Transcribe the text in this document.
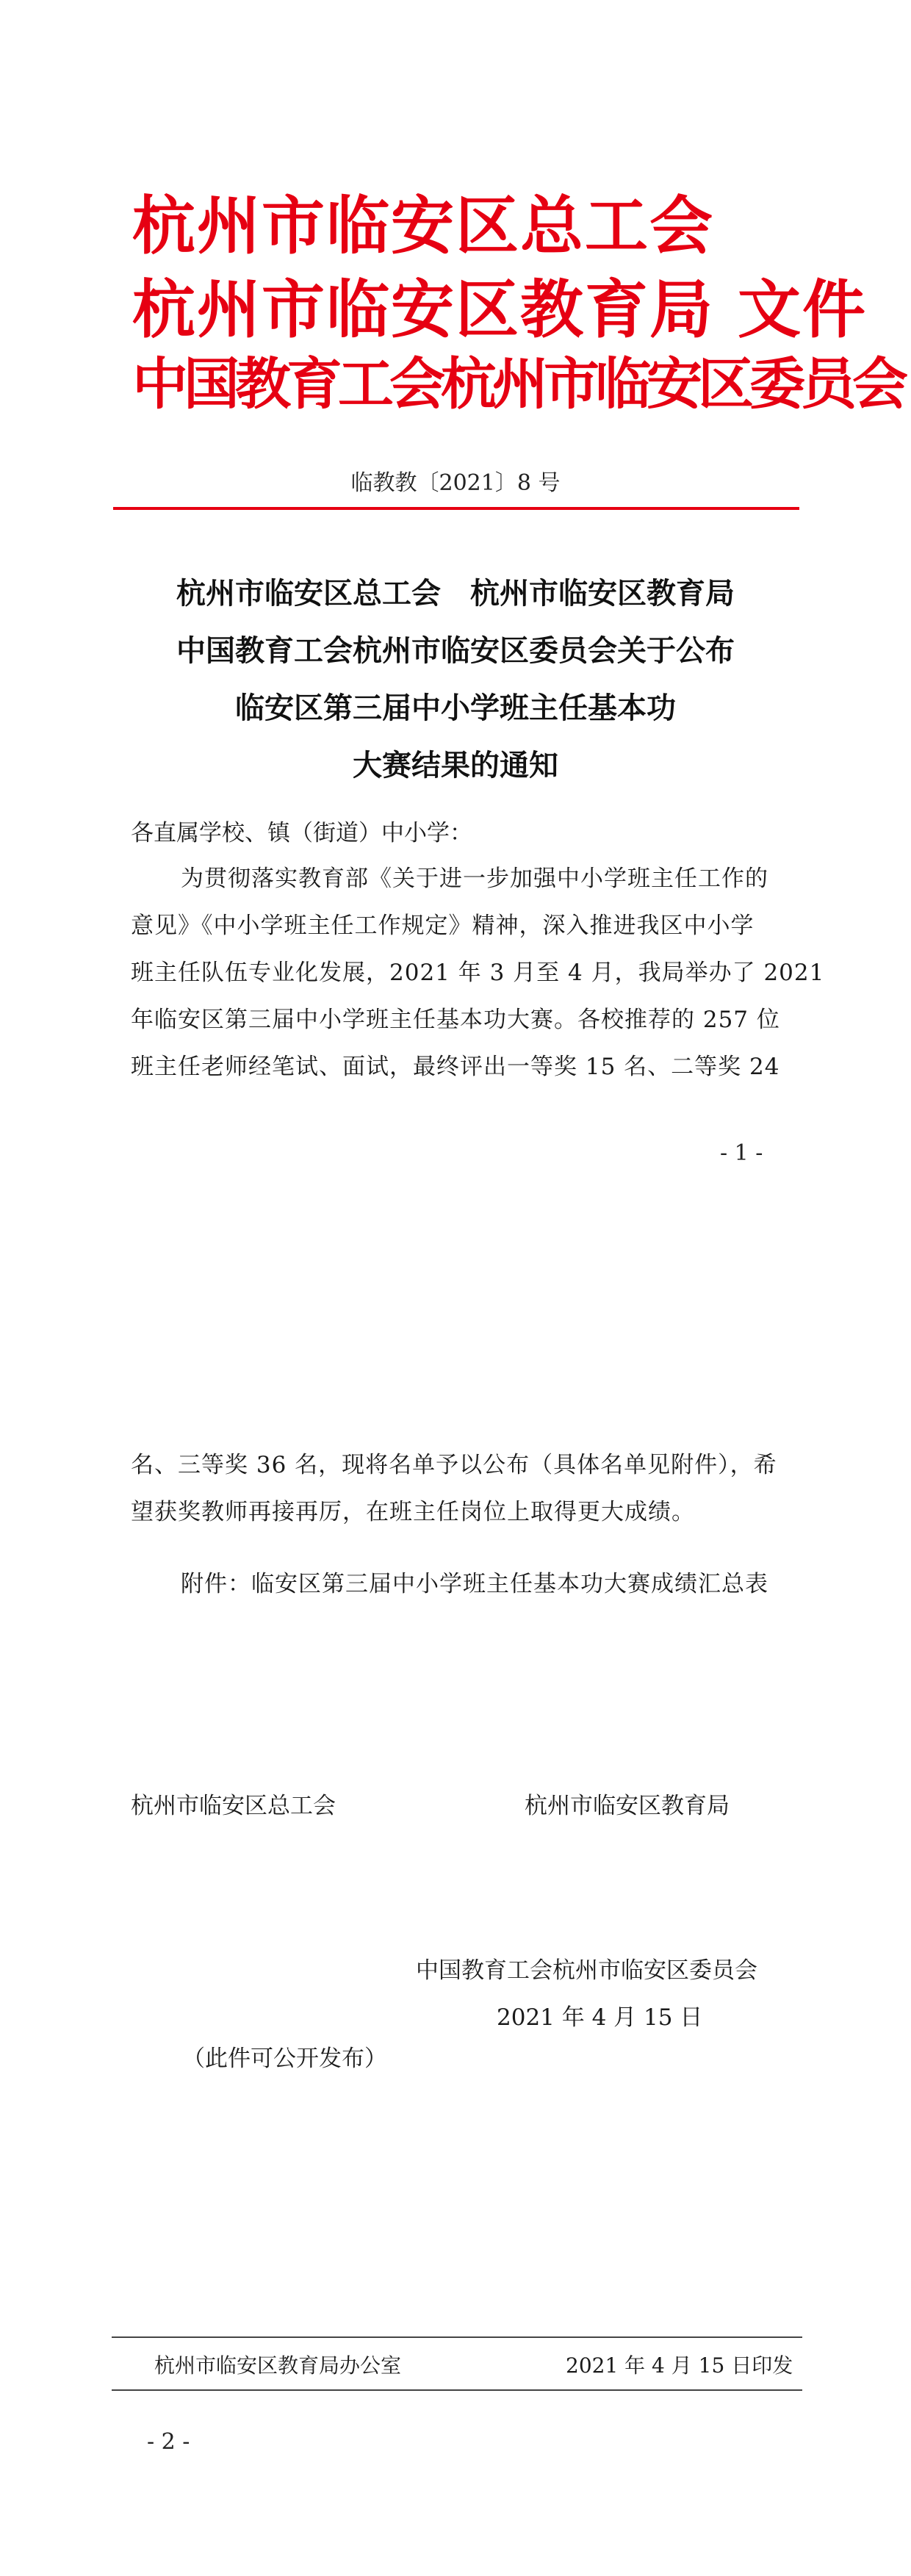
杭州市临安区总工会
杭州市临安区教育局 文件
中国教育工会杭州市临安区委员会
临教教〔2021〕8 号
杭州市临安区总工会　杭州市临安区教育局
中国教育工会杭州市临安区委员会关于公布
临安区第三届中小学班主任基本功
大赛结果的通知
各直属学校、镇（街道）中小学：
为贯彻落实教育部《关于进一步加强中小学班主任工作的
意见》《中小学班主任工作规定》精神，深入推进我区中小学
班主任队伍专业化发展，2021 年 3 月至 4 月，我局举办了 2021
年临安区第三届中小学班主任基本功大赛。各校推荐的 257 位
班主任老师经笔试、面试，最终评出一等奖 15 名、二等奖 24
- 1 -
名、三等奖 36 名，现将名单予以公布（具体名单见附件），希
望获奖教师再接再厉，在班主任岗位上取得更大成绩。
附件：临安区第三届中小学班主任基本功大赛成绩汇总表
杭州市临安区总工会	杭州市临安区教育局
中国教育工会杭州市临安区委员会
2021 年 4 月 15 日
（此件可公开发布）
杭州市临安区教育局办公室	2021 年 4 月 15 日印发
- 2 -
